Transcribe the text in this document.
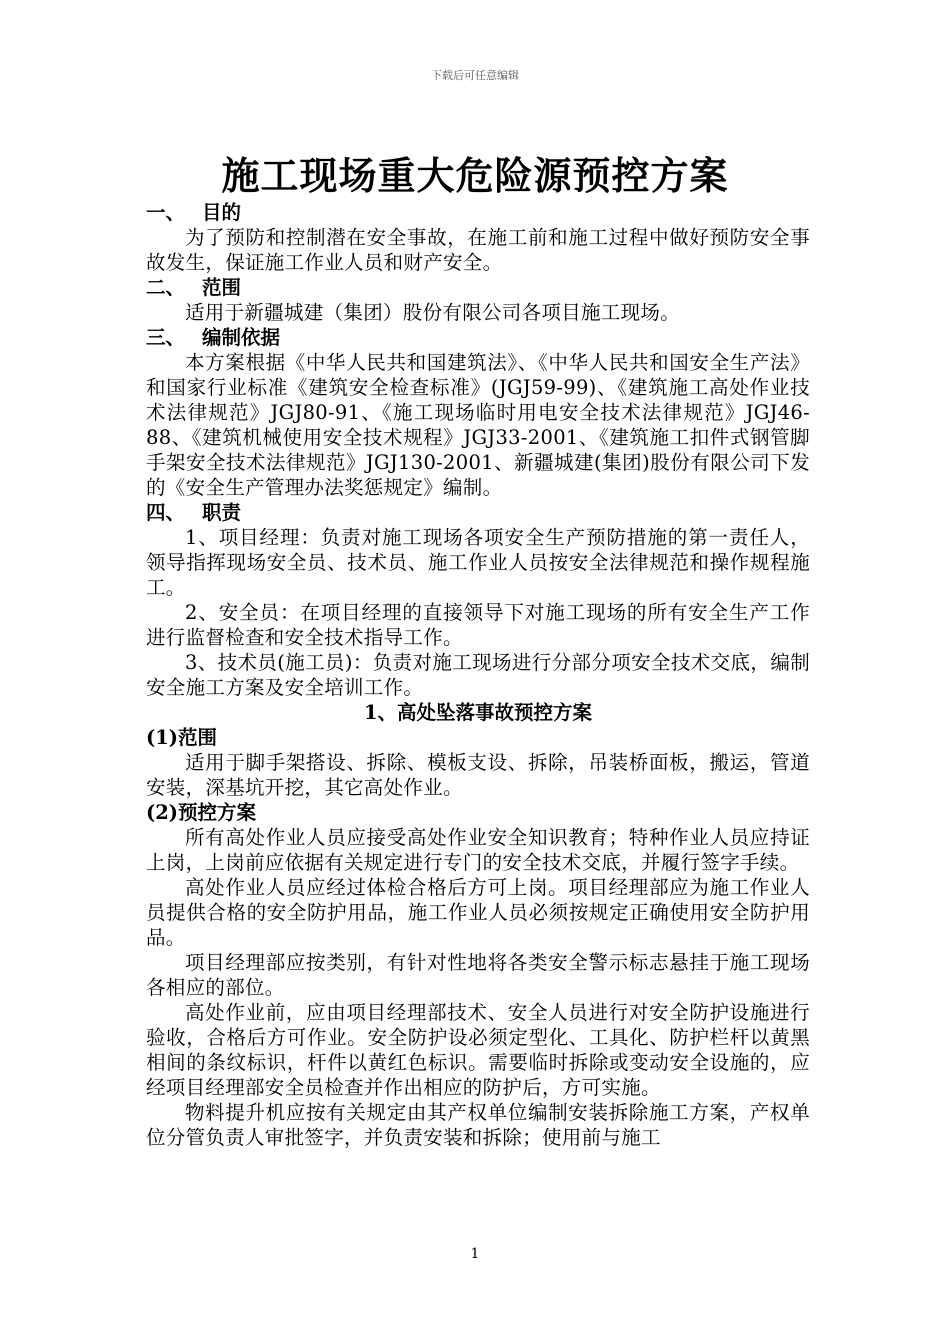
下载后可任意编辑
施工现场重大危险源预控方案

一、 目的

为了预防和控制潜在安全事故，在施工前和施工过程中做好预防安全事故发生，保证施工作业人员和财产安全。

二、 范围

适用于新疆城建（集团）股份有限公司各项目施工现场。

三、 编制依据

本方案根据《中华人民共和国建筑法》、《中华人民共和国安全生产法》和国家行业标准《建筑安全检查标准》(JGJ59-99)、《建筑施工高处作业技术法律规范》JGJ80-91、《施工现场临时用电安全技术法律规范》JGJ46-88、《建筑机械使用安全技术规程》JGJ33-2001、《建筑施工扣件式钢管脚手架安全技术法律规范》JGJ130-2001、新疆城建(集团)股份有限公司下发的《安全生产管理办法奖惩规定》编制。

四、 职责

1、项目经理：负责对施工现场各项安全生产预防措施的第一责任人，领导指挥现场安全员、技术员、施工作业人员按安全法律规范和操作规程施工。

2、安全员：在项目经理的直接领导下对施工现场的所有安全生产工作进行监督检查和安全技术指导工作。

3、技术员(施工员)：负责对施工现场进行分部分项安全技术交底，编制安全施工方案及安全培训工作。

1、高处坠落事故预控方案

(1)范围

适用于脚手架搭设、拆除、模板支设、拆除，吊装桥面板，搬运，管道安装，深基坑开挖，其它高处作业。

(2)预控方案

所有高处作业人员应接受高处作业安全知识教育；特种作业人员应持证上岗，上岗前应依据有关规定进行专门的安全技术交底，并履行签字手续。

高处作业人员应经过体检合格后方可上岗。项目经理部应为施工作业人员提供合格的安全防护用品，施工作业人员必须按规定正确使用安全防护用品。

项目经理部应按类别，有针对性地将各类安全警示标志悬挂于施工现场各相应的部位。

高处作业前，应由项目经理部技术、安全人员进行对安全防护设施进行验收，合格后方可作业。安全防护设必须定型化、工具化、防护栏杆以黄黑相间的条纹标识，杆件以黄红色标识。需要临时拆除或变动安全设施的，应经项目经理部安全员检查并作出相应的防护后，方可实施。

物料提升机应按有关规定由其产权单位编制安装拆除施工方案，产权单位分管负责人审批签字，并负责安装和拆除；使用前与施工

1
